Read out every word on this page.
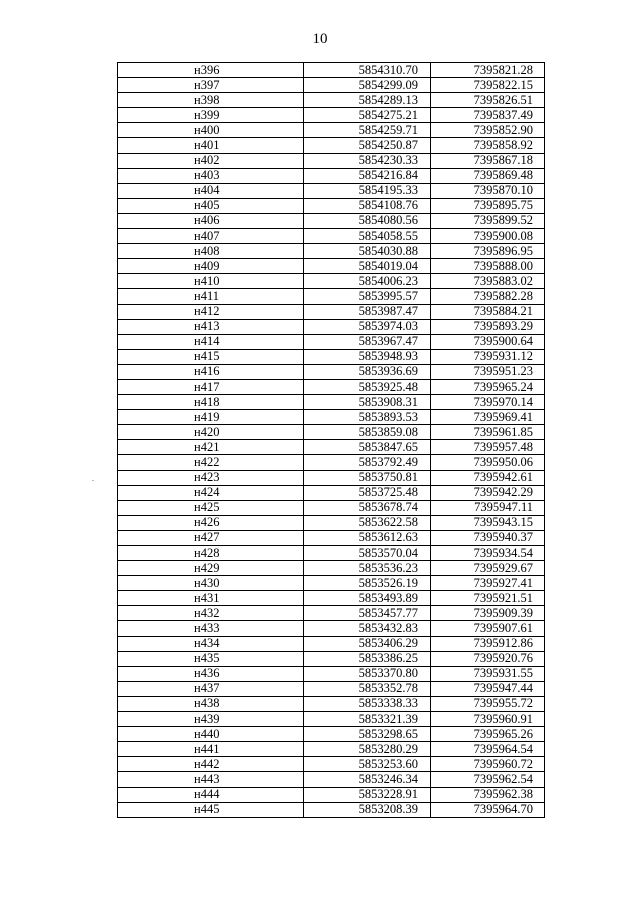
10
н396	5854310.70	7395821.28
н397	5854299.09	7395822.15
н398	5854289.13	7395826.51
н399	5854275.21	7395837.49
н400	5854259.71	7395852.90
н401	5854250.87	7395858.92
н402	5854230.33	7395867.18
н403	5854216.84	7395869.48
н404	5854195.33	7395870.10
н405	5854108.76	7395895.75
н406	5854080.56	7395899.52
н407	5854058.55	7395900.08
н408	5854030.88	7395896.95
н409	5854019.04	7395888.00
н410	5854006.23	7395883.02
н411	5853995.57	7395882.28
н412	5853987.47	7395884.21
н413	5853974.03	7395893.29
н414	5853967.47	7395900.64
н415	5853948.93	7395931.12
н416	5853936.69	7395951.23
н417	5853925.48	7395965.24
н418	5853908.31	7395970.14
н419	5853893.53	7395969.41
н420	5853859.08	7395961.85
н421	5853847.65	7395957.48
н422	5853792.49	7395950.06
н423	5853750.81	7395942.61
н424	5853725.48	7395942.29
н425	5853678.74	7395947.11
н426	5853622.58	7395943.15
н427	5853612.63	7395940.37
н428	5853570.04	7395934.54
н429	5853536.23	7395929.67
н430	5853526.19	7395927.41
н431	5853493.89	7395921.51
н432	5853457.77	7395909.39
н433	5853432.83	7395907.61
н434	5853406.29	7395912.86
н435	5853386.25	7395920.76
н436	5853370.80	7395931.55
н437	5853352.78	7395947.44
н438	5853338.33	7395955.72
н439	5853321.39	7395960.91
н440	5853298.65	7395965.26
н441	5853280.29	7395964.54
н442	5853253.60	7395960.72
н443	5853246.34	7395962.54
н444	5853228.91	7395962.38
н445	5853208.39	7395964.70
